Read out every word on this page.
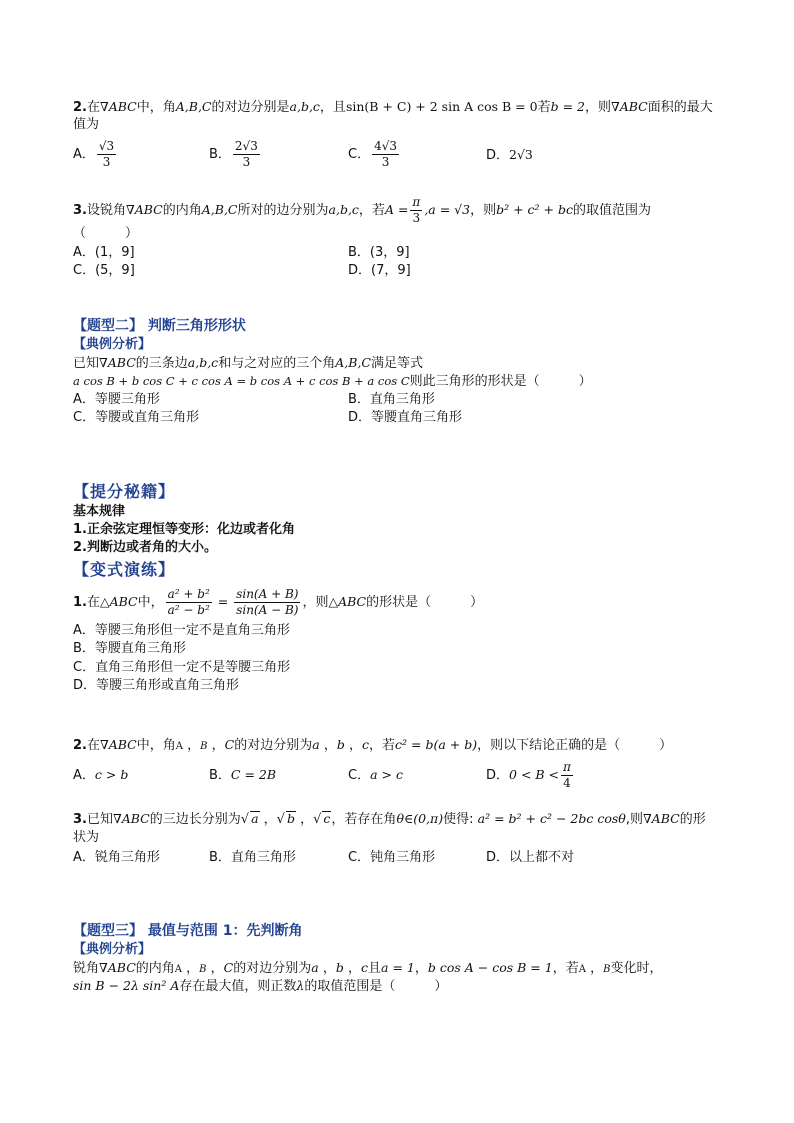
2.在∇ABC中，角A,B,C的对边分别是a,b,c，且sin(B + C) + 2 sin A cos B = 0若b = 2，则∇ABC面积的最大
值为
A． $\frac{√3}{3}$	B． $\frac{2√3}{3}$	C． $\frac{4√3}{3}$	D．2√3
3.设锐角∇ABC的内角A,B,C所对的边分别为a,b,c，若$A = \frac{\pi}{3} ,a = √3$，则b² + c² + bc的取值范围为
（　　　）
A．(1，9]	B．(3，9]
C．(5，9]	D．(7，9]
【题型二】 判断三角形形状
【典例分析】
已知∇ABC的三条边a,b,c和与之对应的三个角A,B,C满足等式
a cos B + b cos C + c cos A = b cos A + c cos B + a cos C则此三角形的形状是（　　　）
A．等腰三角形	B．直角三角形
C．等腰或直角三角形	D．等腰直角三角形
【提分秘籍】
基本规律
1.正余弦定理恒等变形：化边或者化角
2.判断边或者角的大小。
【变式演练】
1.在△ABC中， $\frac{\text{a² + b²}}{\text{a² − b²}} = \frac{\sin(A + B)}{\sin(A - B)}$ ，则△ABC的形状是（　　　）
A．等腰三角形但一定不是直角三角形
B．等腰直角三角形
C．直角三角形但一定不是等腰三角形
D．等腰三角形或直角三角形
2.在∇ABC中，角A ，B ，C的对边分别为a ，b ，c，若c² = b(a + b)，则以下结论正确的是（　　　）
A．c > b	B．C = 2B	C．a > c	D．$0 < B < \frac{\pi}{4}$
3.已知∇ABC的三边长分别为√ a ，√ b ，√ c，若存在角θ∈(0,π)使得: a² = b² + c² − 2bc cosθ,则∇ABC的形
状为
A．锐角三角形	B．直角三角形	C．钝角三角形	D．以上都不对
【题型三】 最值与范围 1：先判断角
【典例分析】
锐角∇ABC的内角A ，B ，C的对边分别为a ，b ，c且a = 1，b cos A − cos B = 1，若A ，B变化时，
sin B − 2λ sin² A存在最大值，则正数λ的取值范围是（　　　）
